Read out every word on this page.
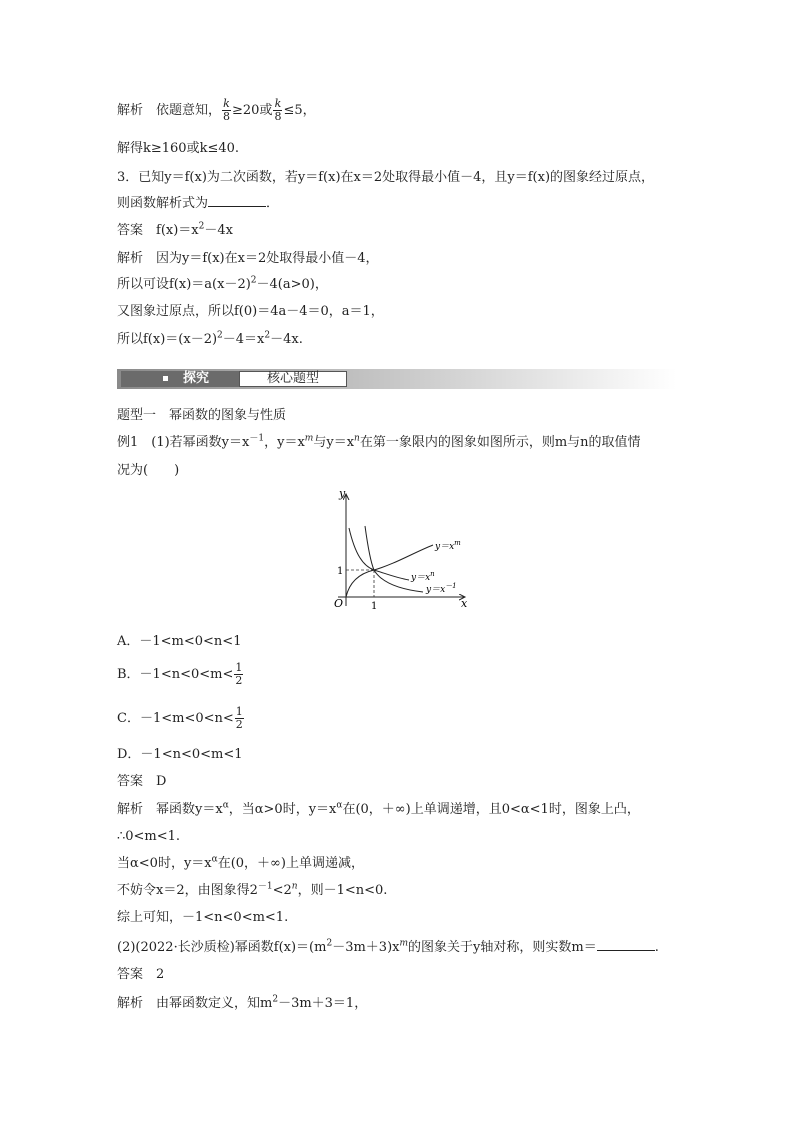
解析　依题意知， $\frac{k}{8} \ge 20$或 $\frac{k}{8} \le 5$，
解得k≥160或k≤40.
3．已知y＝f(x)为二次函数，若y＝f(x)在x＝2处取得最小值－4，且y＝f(x)的图象经过原点，
则函数解析式为	．
答案　$f(x)=x^2-4x$
解析　因为y＝f(x)在x＝2处取得最小值－4，
所以可设$f(x)=a(x-2)^2-4(a>0)$，
又图象过原点，所以f(0)＝4a－4＝0，a＝1，
所以$f(x)=(x-2)^2-4=x^2-4x$.
探究	核心题型
题型一　幂函数的图象与性质
例1　(1)若幂函数$y=x^{-1}$，$y=x^m$与$y=x^n$在第一象限内的图象如图所示，则m与n的取值情
况为(　　)
y
x
O	1
1
$y=x^m$
$y=x^n$
$y=x^{-1}$
A．－1<m<0<n<1
B．$-1<n<0<m< \frac{1}{2}$
C．$-1<m<0<n< \frac{1}{2}$
D．－1<n<0<m<1
答案　D
解析　幂函数$y=x^\alpha$，当α>0时，$y=x^\alpha$在(0，＋∞)上单调递增，且0<α<1时，图象上凸，
∴0<m<1.
当α<0时，$y=x^\alpha$在(0，＋∞)上单调递减，
不妨令x＝2，由图象得$2^{-1}<2^n$，则－1<n<0.
综上可知，－1<n<0<m<1.
(2)(2022·长沙质检)幂函数$f(x)=(m^2-3m+3)x^m$的图象关于y轴对称，则实数m＝	.
答案　2
解析　由幂函数定义，知$m^2-3m+3=1$，
